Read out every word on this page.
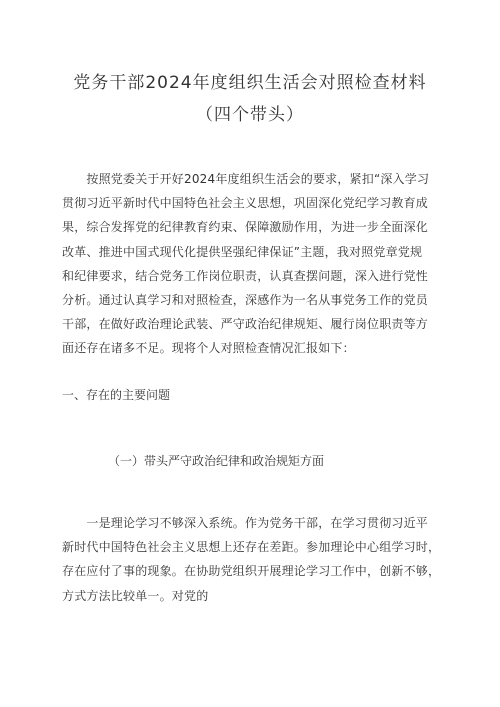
党务干部2024年度组织生活会对照检查材料
（四个带头）

　　按照党委关于开好2024年度组织生活会的要求，紧扣“深入学习
贯彻习近平新时代中国特色社会主义思想，巩固深化党纪学习教育成
果，综合发挥党的纪律教育约束、保障激励作用，为进一步全面深化
改革、推进中国式现代化提供坚强纪律保证”主题，我对照党章党规
和纪律要求，结合党务工作岗位职责，认真查摆问题，深入进行党性
分析。通过认真学习和对照检查，深感作为一名从事党务工作的党员
干部，在做好政治理论武装、严守政治纪律规矩、履行岗位职责等方
面还存在诸多不足。现将个人对照检查情况汇报如下：

一、存在的主要问题

（一）带头严守政治纪律和政治规矩方面

　　一是理论学习不够深入系统。作为党务干部，在学习贯彻习近平
新时代中国特色社会主义思想上还存在差距。参加理论中心组学习时，
存在应付了事的现象。在协助党组织开展理论学习工作中，创新不够，
方式方法比较单一。对党的
